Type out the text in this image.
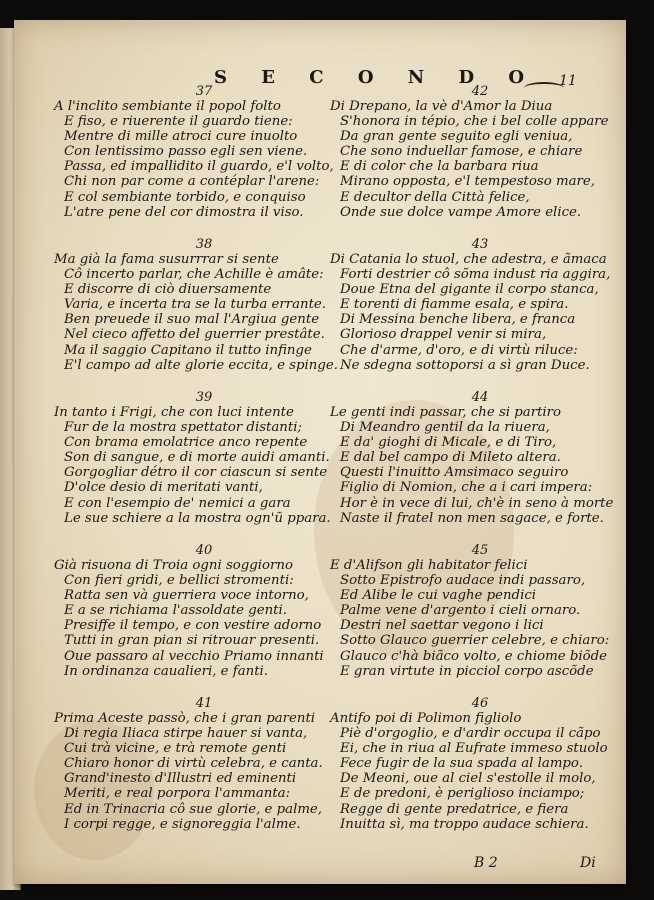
S E C O N D O 11
37
A l'inclito sembiante il popol folto
E fiso, e riuerente il guardo tiene:
Mentre di mille atroci cure inuolto
Con lentissimo passo egli sen viene.
Passa, ed impallidito il guardo, e'l volto,
Chi non par come a contéplar l'arene:
E col sembiante torbido, e conquiso
L'atre pene del cor dimostra il viso.
38
Ma già la fama susurrrar si sente
Cô incerto parlar, che Achille è amâte:
E discorre di ciò diuersamente
Varia, e incerta tra se la turba errante.
Ben preuede il suo mal l'Argiua gente
Nel cieco affetto del guerrier prestâte.
Ma il saggio Capitano il tutto infinge
E'l campo ad alte glorie eccita, e spinge.
39
In tanto i Frigi, che con luci intente
Fur de la mostra spettator distanti;
Con brama emolatrice anco repente
Son di sangue, e di morte auidi amanti.
Gorgogliar détro il cor ciascun si sente
D'olce desio di meritati vanti,
E con l'esempio de' nemici a gara
Le sue schiere a la mostra ogn'ũ ppara.
40
Già risuona di Troia ogni soggiorno
Con fieri gridi, e bellici stromenti:
Ratta sen và guerriera voce intorno,
E a se richiama l'assoldate genti.
Presiffe il tempo, e con vestire adorno
Tutti in gran pian si ritrouar presenti.
Oue passaro al vecchio Priamo innanti
In ordinanza caualieri, e fanti.
41
Prima Aceste passò, che i gran parenti
Di regia Iliaca stirpe hauer si vanta,
Cui trà vicine, e trà remote genti
Chiaro honor di virtù celebra, e canta.
Grand'inesto d'Illustri ed eminenti
Meriti, e real porpora l'ammanta:
Ed in Trinacria cô sue glorie, e palme,
I corpi regge, e signoreggia l'alme.
42
Di Drepano, la vè d'Amor la Diua
S'honora in tépio, che i bel colle appare
Da gran gente seguito egli veniua,
Che sono induellar famose, e chiare
E di color che la barbara riua
Mirano opposta, e'l tempestoso mare,
E decultor della Città felice,
Onde sue dolce vampe Amore elice.
43
Di Catania lo stuol, che adestra, e ãmaca
Forti destrier cô sõma indust ria aggira,
Doue Etna del gigante il corpo stanca,
E torenti di fiamme esala, e spira.
Di Messina benche libera, e franca
Glorioso drappel venir si mira,
Che d'arme, d'oro, e di virtù riluce:
Ne sdegna sottoporsi a sì gran Duce.
44
Le genti indi passar, che si partiro
Di Meandro gentil da la riuera,
E da' gioghi di Micale, e di Tiro,
E dal bel campo di Mileto altera.
Questi l'inuitto Amsimaco seguiro
Figlio di Nomion, che a i cari impera:
Hor è in vece di lui, ch'è in seno à morte
Naste il fratel non men sagace, e forte.
45
E d'Alifson gli habitator felici
Sotto Epistrofo audace indi passaro,
Ed Alibe le cui vaghe pendici
Palme vene d'argento i cieli ornaro.
Destri nel saettar vegono i lici
Sotto Glauco guerrier celebre, e chiaro:
Glauco c'hà biãco volto, e chiome biõde
E gran virtute in picciol corpo ascõde
46
Antifo poi di Polimon figliolo
Piè d'orgoglio, e d'ardir occupa il cãpo
Ei, che in riua al Eufrate immeso stuolo
Fece fugir de la sua spada al lampo.
De Meoni, oue al ciel s'estolle il molo,
E de predoni, è periglioso inciampo;
Regge di gente predatrice, e fiera
Inuitta sì, ma troppo audace schiera.
B 2	Di
